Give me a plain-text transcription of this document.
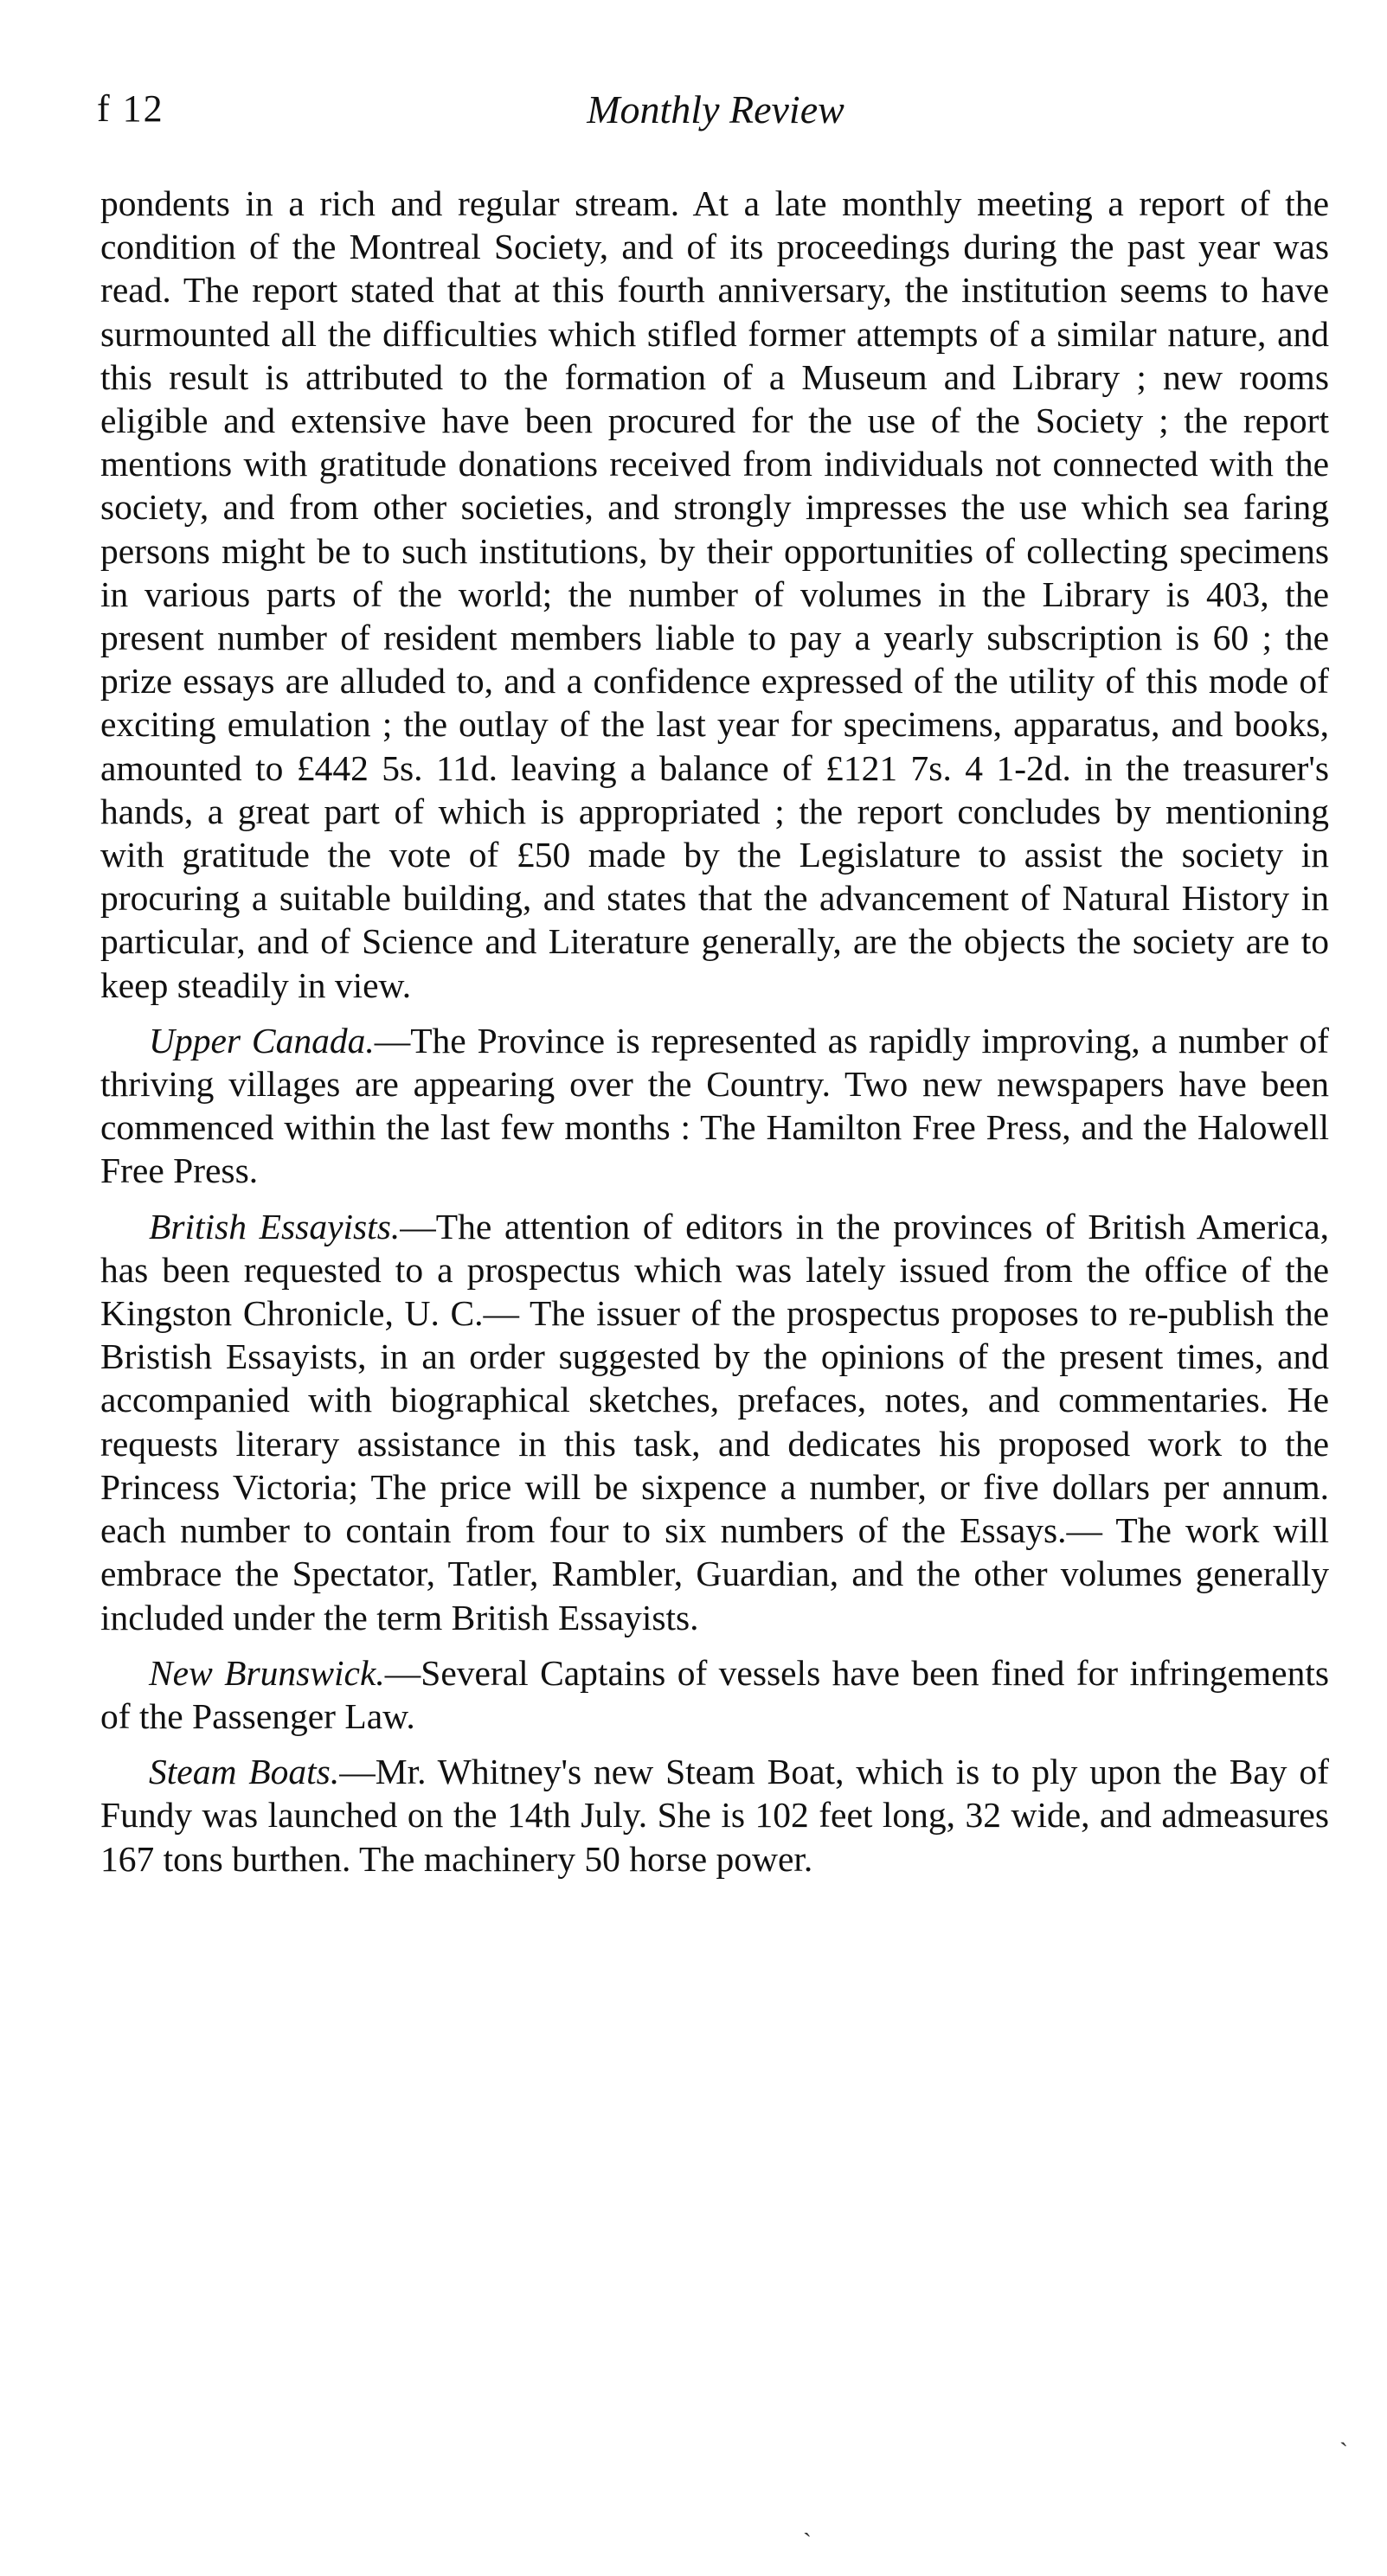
f 12	Monthly Review

pondents in a rich and regular stream. At a late monthly meeting a report of the condition of the Montreal Society, and of its proceedings during the past year was read. The report stated that at this fourth anniversary, the institution seems to have surmounted all the difficulties which stifled former attempts of a similar nature, and this result is attributed to the formation of a Museum and Library ; new rooms eligible and extensive have been procured for the use of the Society ; the report mentions with gratitude donations received from individuals not connected with the society, and from other societies, and strongly impresses the use which sea faring persons might be to such institutions, by their opportunities of collecting specimens in various parts of the world; the number of volumes in the Library is 403, the present number of resident members liable to pay a yearly subscription is 60 ; the prize essays are alluded to, and a confidence expressed of the utility of this mode of exciting emulation ; the outlay of the last year for specimens, apparatus, and books, amounted to £442 5s. 11d. leaving a balance of £121 7s. 4 1-2d. in the treasurer's hands, a great part of which is appropriated ; the report concludes by mentioning with gratitude the vote of £50 made by the Legislature to assist the society in procuring a suitable building, and states that the advancement of Natural History in particular, and of Science and Literature generally, are the objects the society are to keep steadily in view.

Upper Canada.—The Province is represented as rapidly improving, a number of thriving villages are appearing over the Country. Two new newspapers have been commenced within the last few months : The Hamilton Free Press, and the Halowell Free Press.

British Essayists.—The attention of editors in the provinces of British America, has been requested to a prospectus which was lately issued from the office of the Kingston Chronicle, U. C.— The issuer of the prospectus proposes to re-publish the Bristish Essayists, in an order suggested by the opinions of the present times, and accompanied with biographical sketches, prefaces, notes, and commentaries. He requests literary assistance in this task, and dedicates his proposed work to the Princess Victoria; The price will be sixpence a number, or five dollars per annum. each number to contain from four to six numbers of the Essays.— The work will embrace the Spectator, Tatler, Rambler, Guardian, and the other volumes generally included under the term British Essayists.

New Brunswick.—Several Captains of vessels have been fined for infringements of the Passenger Law.

Steam Boats.—Mr. Whitney's new Steam Boat, which is to ply upon the Bay of Fundy was launched on the 14th July. She is 102 feet long, 32 wide, and admeasures 167 tons burthen. The machinery 50 horse power.

`
ˎ
